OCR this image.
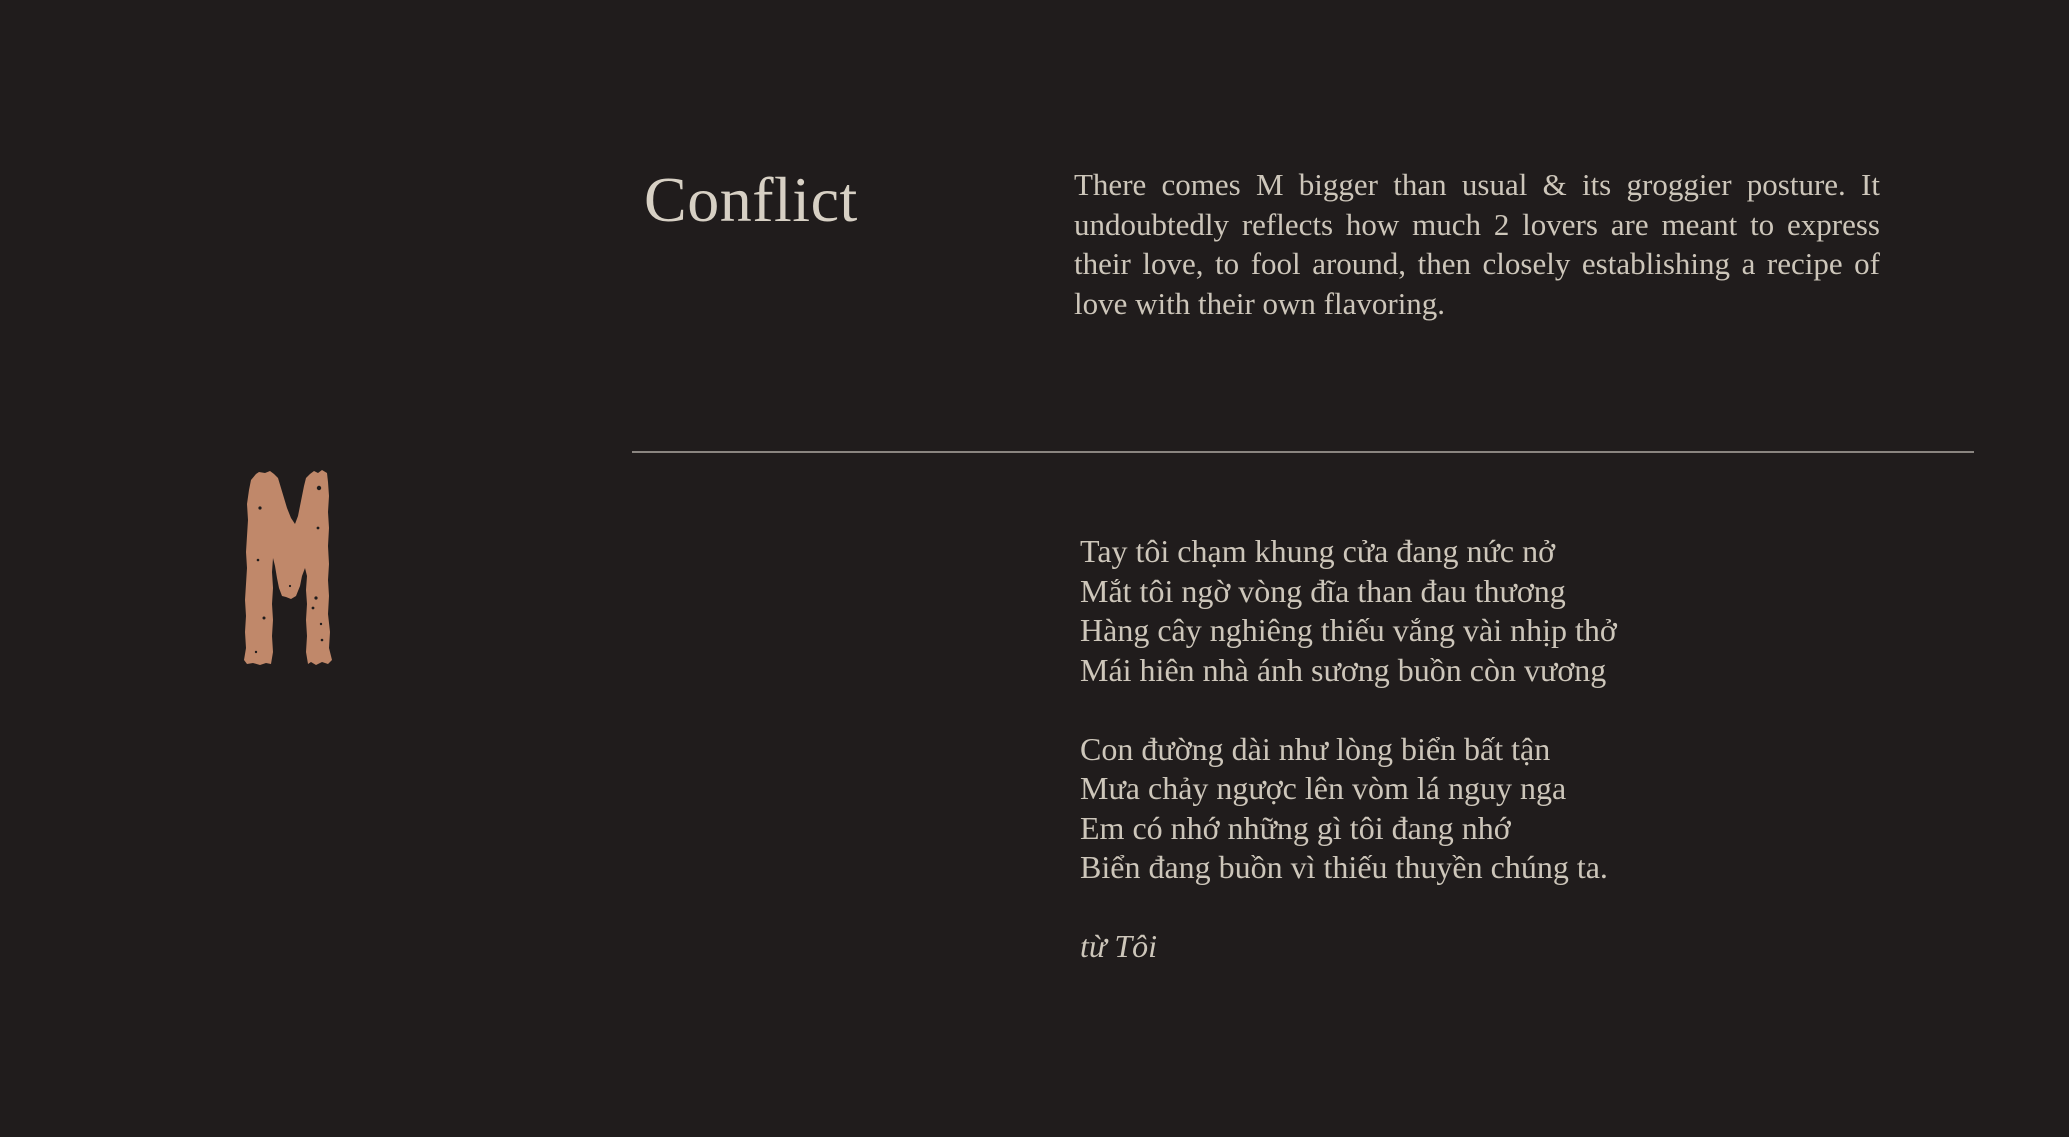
Conflict	There comes M bigger than usual & its groggier posture. It undoubtedly reflects how much 2 lovers are meant to express their love, to fool around, then closely establishing a recipe of love with their own flavoring.

Tay tôi chạm khung cửa đang nức nở
Mắt tôi ngờ vòng đĩa than đau thương
Hàng cây nghiêng thiếu vắng vài nhịp thở
Mái hiên nhà ánh sương buồn còn vương

Con đường dài như lòng biển bất tận
Mưa chảy ngược lên vòm lá nguy nga
Em có nhớ những gì tôi đang nhớ
Biển đang buồn vì thiếu thuyền chúng ta.

từ Tôi
